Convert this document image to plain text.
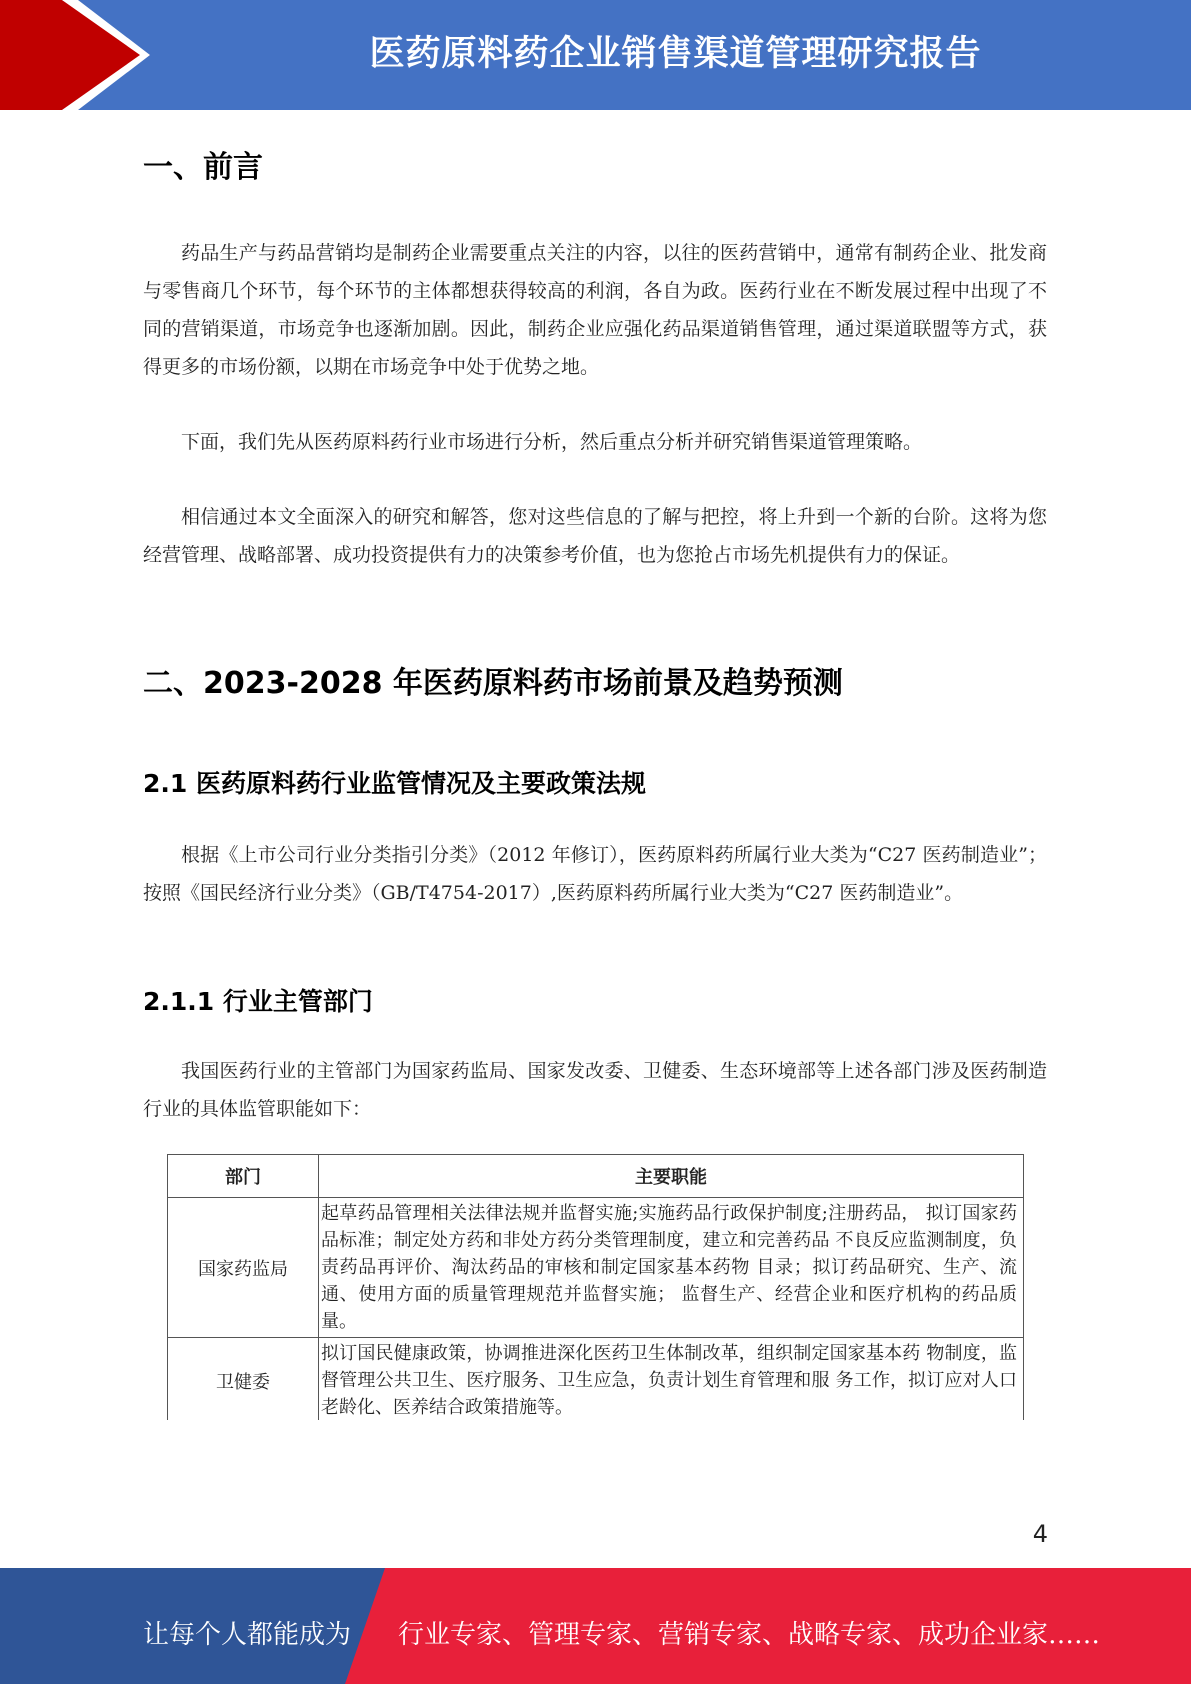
医药原料药企业销售渠道管理研究报告
一、前言

药品生产与药品营销均是制药企业需要重点关注的内容，以往的医药营销中，通常有制药企业、批发商与零售商几个环节，每个环节的主体都想获得较高的利润，各自为政。医药行业在不断发展过程中出现了不同的营销渠道，市场竞争也逐渐加剧。因此，制药企业应强化药品渠道销售管理，通过渠道联盟等方式，获得更多的市场份额，以期在市场竞争中处于优势之地。

下面，我们先从医药原料药行业市场进行分析，然后重点分析并研究销售渠道管理策略。

相信通过本文全面深入的研究和解答，您对这些信息的了解与把控，将上升到一个新的台阶。这将为您经营管理、战略部署、成功投资提供有力的决策参考价值，也为您抢占市场先机提供有力的保证。

二、2023-2028 年医药原料药市场前景及趋势预测
2.1 医药原料药行业监管情况及主要政策法规

根据《上市公司行业分类指引分类》（2012 年修订），医药原料药所属行业大类为“C27 医药制造业”；按照《国民经济行业分类》（GB/T4754-2017）,医药原料药所属行业大类为“C27 医药制造业”。

2.1.1 行业主管部门

我国医药行业的主管部门为国家药监局、国家发改委、卫健委、生态环境部等上述各部门涉及医药制造行业的具体监管职能如下：

部门	主要职能
国家药监局	起草药品管理相关法律法规并监督实施;实施药品行政保护制度;注册药品， 拟订国家药品标准；制定处方药和非处方药分类管理制度，建立和完善药品 不良反应监测制度，负责药品再评价、淘汰药品的审核和制定国家基本药物 目录；拟订药品研究、生产、流通、使用方面的质量管理规范并监督实施； 监督生产、经营企业和医疗机构的药品质量。
卫健委	拟订国民健康政策，协调推进深化医药卫生体制改革，组织制定国家基本药 物制度，监督管理公共卫生、医疗服务、卫生应急，负责计划生育管理和服 务工作，拟订应对人口老龄化、医养结合政策措施等。
4
让每个人都能成为 行业专家、管理专家、营销专家、战略专家、成功企业家……
